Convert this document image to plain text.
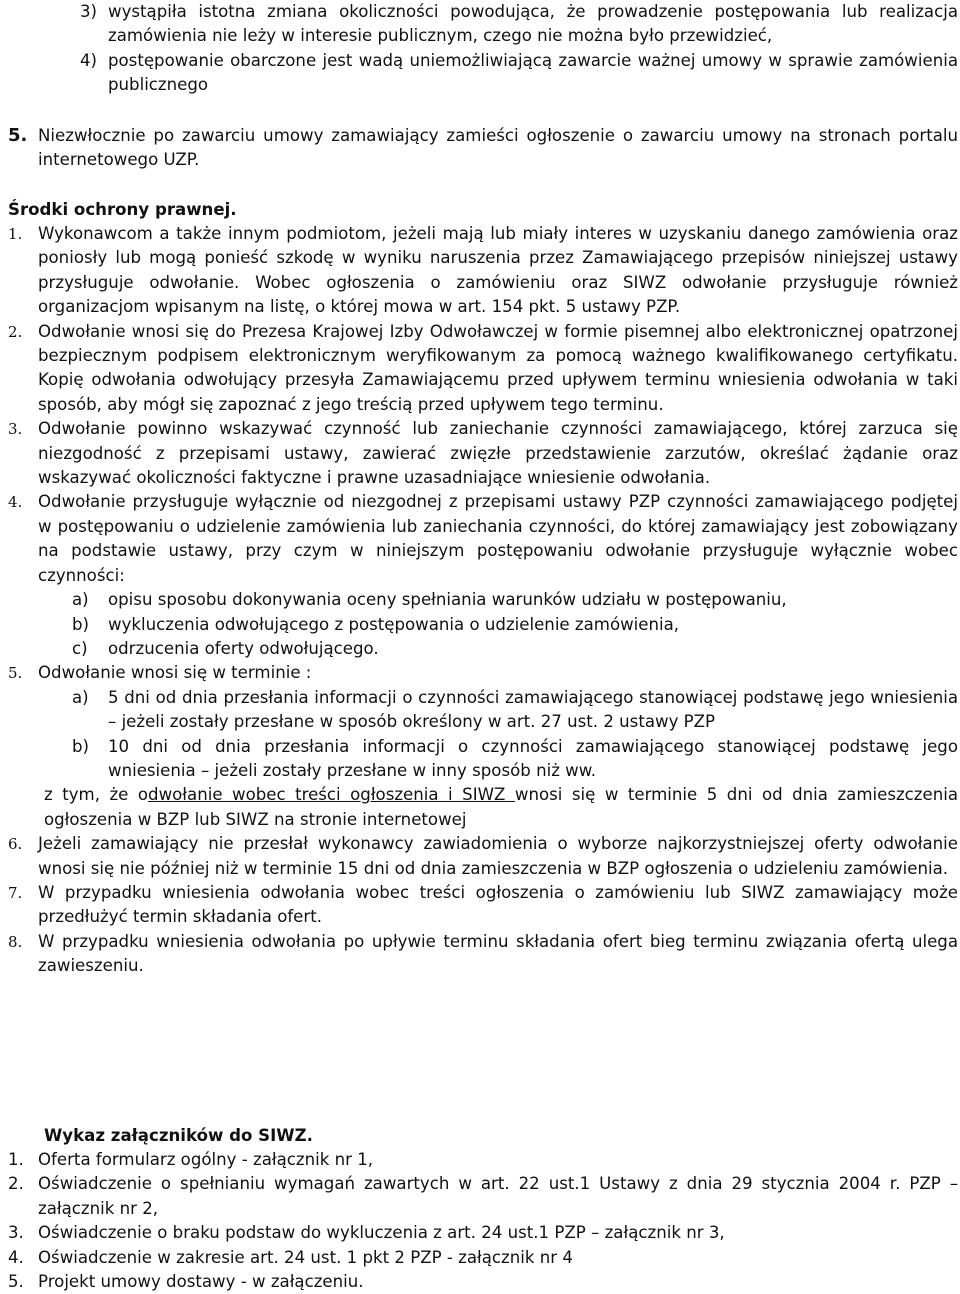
3) wystąpiła istotna zmiana okoliczności powodująca, że prowadzenie postępowania lub realizacja zamówienia nie leży w interesie publicznym, czego nie można było przewidzieć,
4) postępowanie obarczone jest wadą uniemożliwiającą zawarcie ważnej umowy w sprawie zamówienia publicznego
5. Niezwłocznie po zawarciu umowy zamawiający zamieści ogłoszenie o zawarciu umowy na stronach portalu internetowego UZP.

Środki ochrony prawnej.

1. Wykonawcom a także innym podmiotom, jeżeli mają lub miały interes w uzyskaniu danego zamówienia oraz poniosły lub mogą ponieść szkodę w wyniku naruszenia przez Zamawiającego przepisów niniejszej ustawy przysługuje odwołanie. Wobec ogłoszenia o zamówieniu oraz SIWZ odwołanie przysługuje również organizacjom wpisanym na listę, o której mowa w art. 154 pkt. 5 ustawy PZP.
2. Odwołanie wnosi się do Prezesa Krajowej Izby Odwoławczej w formie pisemnej albo elektronicznej opatrzonej bezpiecznym podpisem elektronicznym weryfikowanym za pomocą ważnego kwalifikowanego certyfikatu. Kopię odwołania odwołujący przesyła Zamawiającemu przed upływem terminu wniesienia odwołania w taki sposób, aby mógł się zapoznać z jego treścią przed upływem tego terminu.
3. Odwołanie powinno wskazywać czynność lub zaniechanie czynności zamawiającego, której zarzuca się niezgodność z przepisami ustawy, zawierać zwięzłe przedstawienie zarzutów, określać żądanie oraz wskazywać okoliczności faktyczne i prawne uzasadniające wniesienie odwołania.
4. Odwołanie przysługuje wyłącznie od niezgodnej z przepisami ustawy PZP czynności zamawiającego podjętej w postępowaniu o udzielenie zamówienia lub zaniechania czynności, do której zamawiający jest zobowiązany na podstawie ustawy, przy czym w niniejszym postępowaniu odwołanie przysługuje wyłącznie wobec czynności:
a)	opisu sposobu dokonywania oceny spełniania warunków udziału w postępowaniu,
b)	wykluczenia odwołującego z postępowania o udzielenie zamówienia,
c)	odrzucenia oferty odwołującego.
5. Odwołanie wnosi się w terminie :
a)	5 dni od dnia przesłania informacji o czynności zamawiającego stanowiącej podstawę jego wniesienia – jeżeli zostały przesłane w sposób określony w art. 27 ust. 2 ustawy PZP
b)	10 dni od dnia przesłania informacji o czynności zamawiającego stanowiącej podstawę jego wniesienia – jeżeli zostały przesłane w inny sposób niż ww.

z tym, że odwołanie wobec treści ogłoszenia i SIWZ wnosi się w terminie 5 dni od dnia zamieszczenia ogłoszenia w BZP lub SIWZ na stronie internetowej

6. Jeżeli zamawiający nie przesłał wykonawcy zawiadomienia o wyborze najkorzystniejszej oferty odwołanie wnosi się nie później niż w terminie 15 dni od dnia zamieszczenia w BZP ogłoszenia o udzieleniu zamówienia.
7. W przypadku wniesienia odwołania wobec treści ogłoszenia o zamówieniu lub SIWZ zamawiający może przedłużyć termin składania ofert.
8. W przypadku wniesienia odwołania po upływie terminu składania ofert bieg terminu związania ofertą ulega zawieszeniu.

Wykaz załączników do SIWZ.

1. Oferta formularz ogólny - załącznik nr 1,
2. Oświadczenie o spełnianiu wymagań zawartych w art. 22 ust.1 Ustawy z dnia 29 stycznia 2004 r. PZP – załącznik nr 2,
3. Oświadczenie o braku podstaw do wykluczenia z art. 24 ust.1 PZP – załącznik nr 3,
4. Oświadczenie w zakresie art. 24 ust. 1 pkt 2 PZP - załącznik nr 4
5. Projekt umowy dostawy - w załączeniu.
